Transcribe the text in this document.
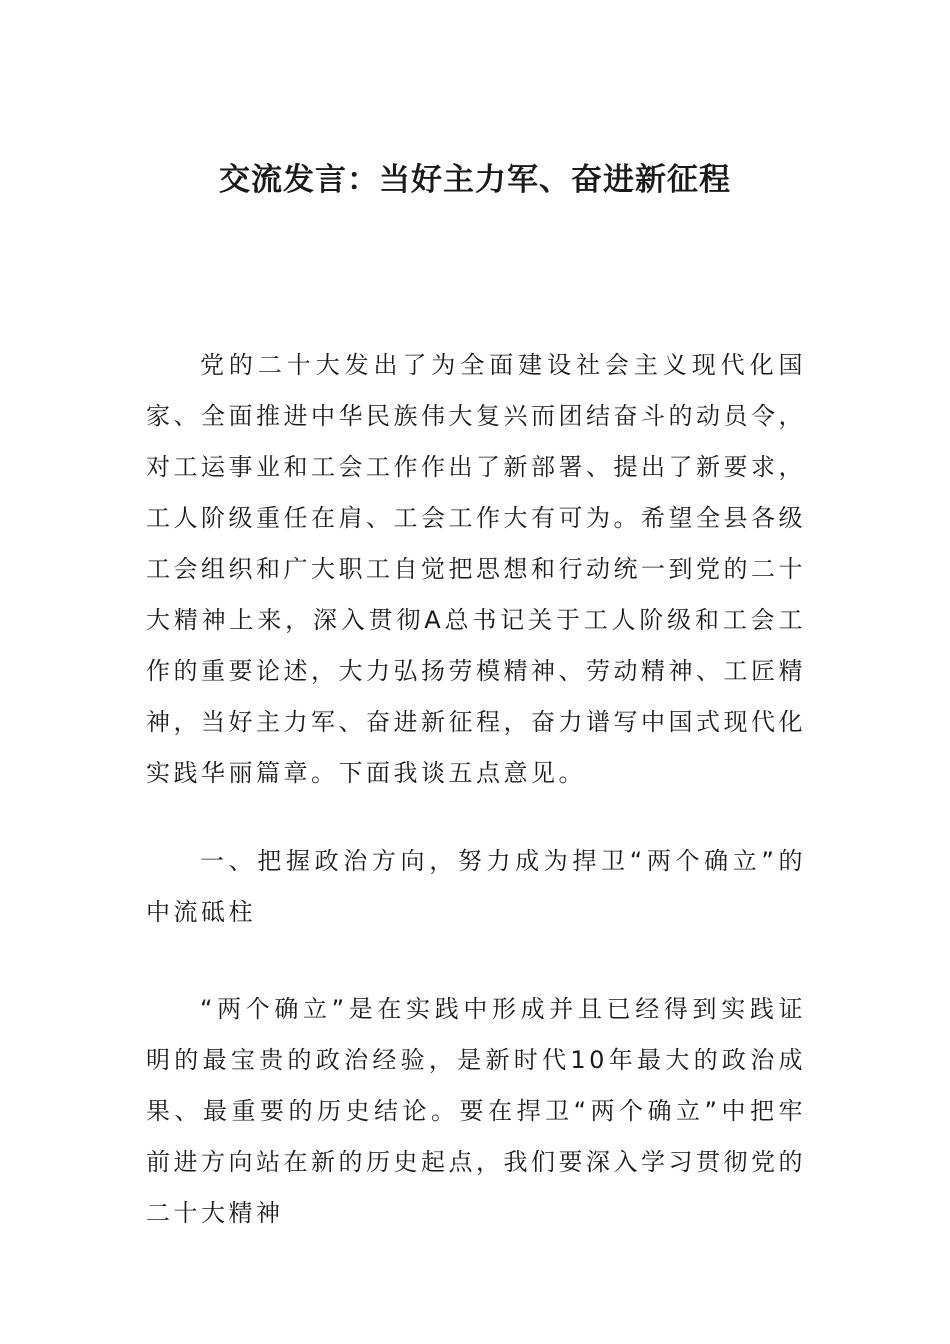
交流发言：当好主力军、奋进新征程

党的二十大发出了为全面建设社会主义现代化国家、全面推进中华民族伟大复兴而团结奋斗的动员令，对工运事业和工会工作作出了新部署、提出了新要求，工人阶级重任在肩、工会工作大有可为。希望全县各级工会组织和广大职工自觉把思想和行动统一到党的二十大精神上来，深入贯彻A总书记关于工人阶级和工会工作的重要论述，大力弘扬劳模精神、劳动精神、工匠精神，当好主力军、奋进新征程，奋力谱写中国式现代化实践华丽篇章。下面我谈五点意见。

一、把握政治方向，努力成为捍卫“两个确立”的中流砥柱

“两个确立”是在实践中形成并且已经得到实践证明的最宝贵的政治经验，是新时代10年最大的政治成果、最重要的历史结论。要在捍卫“两个确立”中把牢前进方向站在新的历史起点，我们要深入学习贯彻党的二十大精神
